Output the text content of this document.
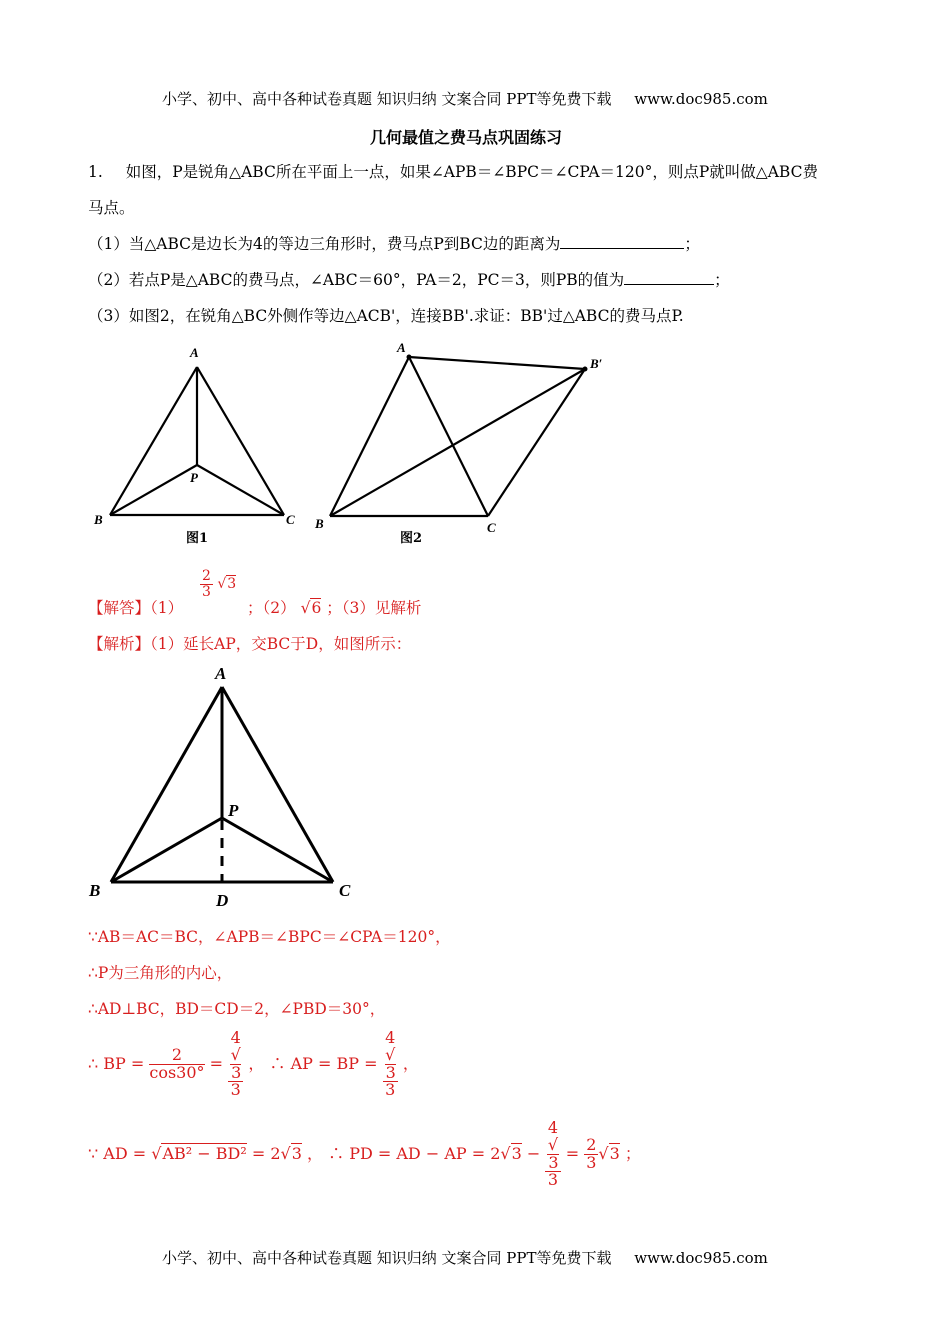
小学、初中、高中各种试卷真题 知识归纳 文案合同 PPT等免费下载 www.doc985.com
几何最值之费马点巩固练习
1. 如图，P是锐角△ABC所在平面上一点，如果∠APB＝∠BPC＝∠CPA＝120°，则点P就叫做△ABC费
马点。
（1）当△ABC是边长为4的等边三角形时，费马点P到BC边的距离为	；
（2）若点P是△ABC的费马点，∠ABC＝60°，PA＝2，PC＝3，则PB的值为	；
（3）如图2，在锐角△BC外侧作等边△ACB'，连接BB'.求证：BB'过△ABC的费马点P.
A
B	C
P
图1
A
B	C
B′
图2
【解答】（1）
$\frac{2}{3} √3$
；（2） √6 ；（3）见解析
【解析】（1）延长AP，交BC于D，如图所示：
A
B	C
P
D
∵AB＝AC＝BC，∠APB＝∠BPC＝∠CPA＝120°，
∴P为三角形的内心，
∴AD⊥BC，BD＝CD＝2，∠PBD＝30°，
∴ BP = $\frac{2}{\cos 30^\circ} = 4$
√
3
3 ， ∴ AP = BP = 4
√
3
3 ，
∵ AD = √AB² − BD² = 2√3 ， ∴ PD = AD − AP = 2√3 − 4
√
3
$3 = \frac{2}{3} √3$ ；
小学、初中、高中各种试卷真题 知识归纳 文案合同 PPT等免费下载 www.doc985.com
